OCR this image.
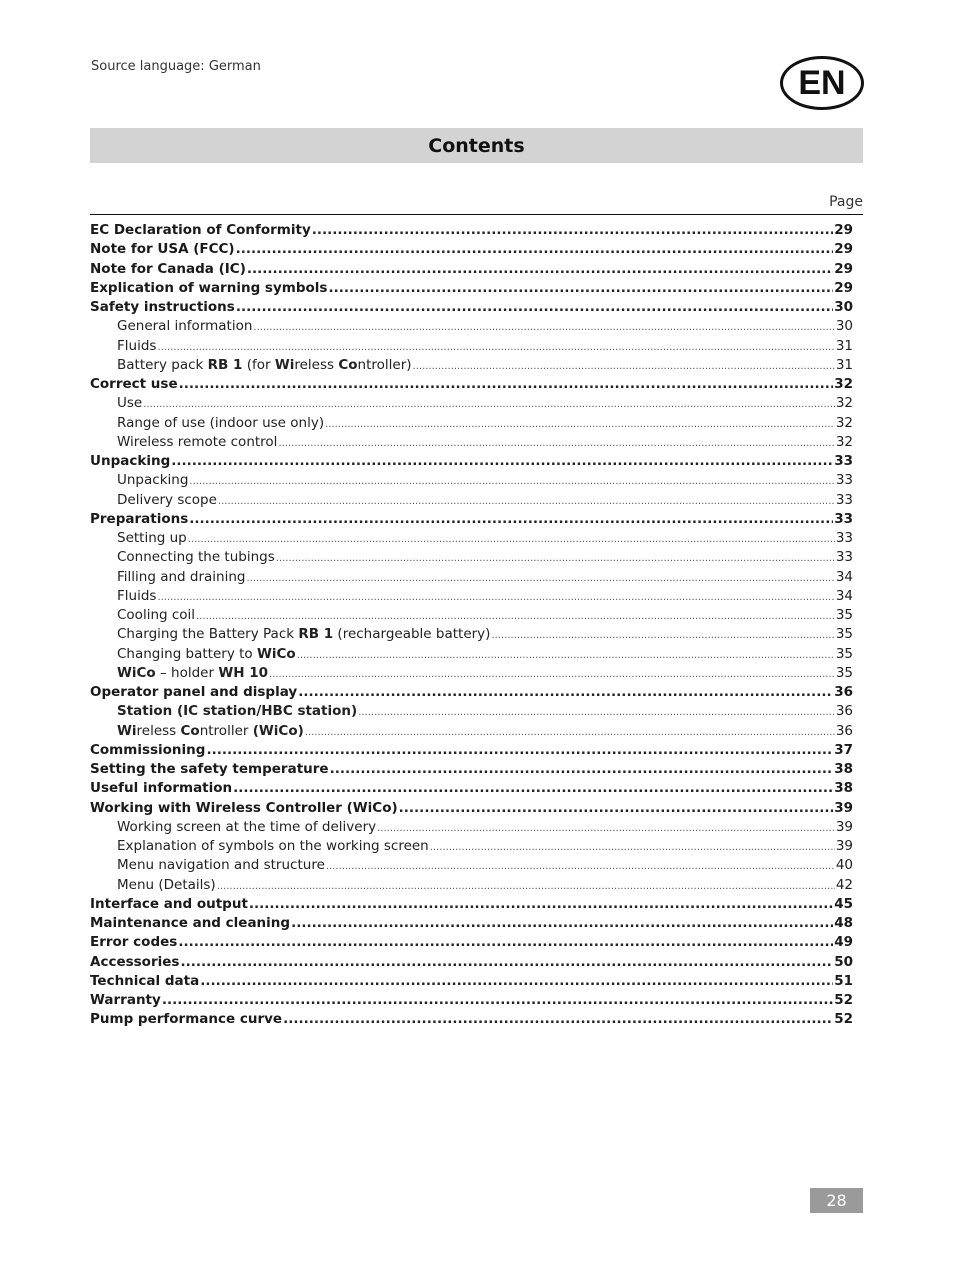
Source language: German	EN
Contents
Page
EC Declaration of Conformity .....	29
Note for USA (FCC) .....	29
Note for Canada (IC) .....	29
Explication of warning symbols .....	29
Safety instructions .....	30
General information .....	30
Fluids .....	31
Battery pack RB 1 (for Wireless Controller) .....	31
Correct use .....	32
Use .....	32
Range of use (indoor use only) .....	32
Wireless remote control .....	32
Unpacking .....	33
Unpacking .....	33
Delivery scope .....	33
Preparations .....	33
Setting up .....	33
Connecting the tubings .....	33
Filling and draining .....	34
Fluids .....	34
Cooling coil .....	35
Charging the Battery Pack RB 1 (rechargeable battery) .....	35
Changing battery to WiCo .....	35
WiCo – holder WH 10 .....	35
Operator panel and display .....	36
Station (IC station/HBC station) .....	36
Wireless Controller (WiCo) .....	36
Commissioning .....	37
Setting the safety temperature .....	38
Useful information .....	38
Working with Wireless Controller (WiCo) .....	39
Working screen at the time of delivery .....	39
Explanation of symbols on the working screen .....	39
Menu navigation and structure .....	40
Menu (Details) .....	42
Interface and output .....	45
Maintenance and cleaning .....	48
Error codes .....	49
Accessories .....	50
Technical data .....	51
Warranty .....	52
Pump performance curve .....	52
28
